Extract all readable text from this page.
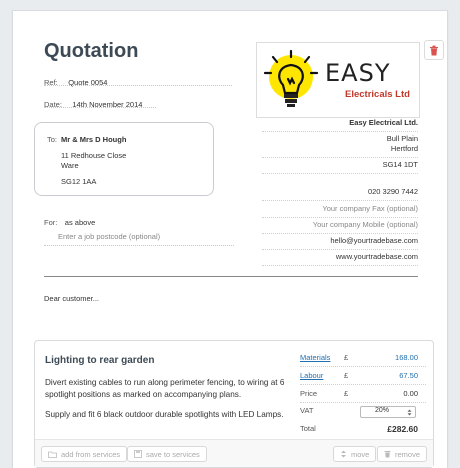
Quotation
Ref: Quote 0054
Date: 14th November 2014
EASY
Electricals Ltd
To: Mr & Mrs D Hough
11 Redhouse Close
Ware
SG12 1AA
Easy Electrical Ltd.
Bull Plain
Hertford
SG14 1DT
020 3290 7442
Your company Fax (optional)
Your company Mobile (optional)
hello@yourtradebase.com
www.yourtradebase.com
For: as above
Enter a job postcode (optional)
Dear customer...
Lighting to rear garden
Divert existing cables to run along perimeter fencing, to wiring at 6 spotlight positions as marked on accompanying plans.
Supply and fit 6 black outdoor durable spotlights with LED Lamps.
add from services	save to services	move	remove
Materials £	168.00
Labour	£	67.50
Price	£	0.00
VAT	20%
Total	£282.60
